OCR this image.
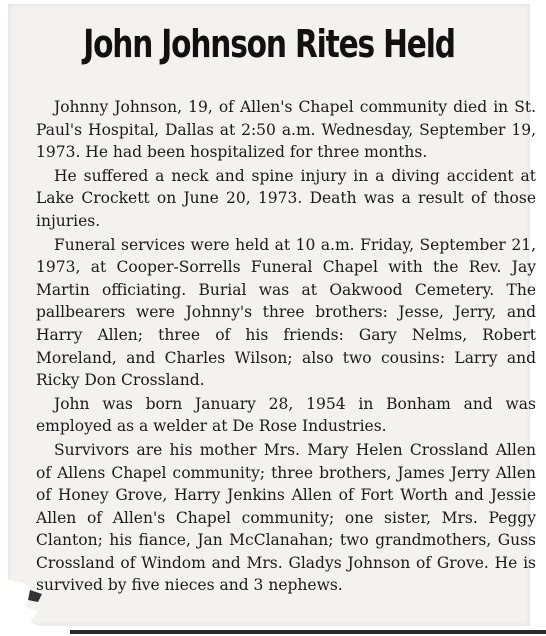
John Johnson Rites Held

Johnny Johnson, 19, of Allen's Chapel community died in St. Paul's Hospital, Dallas at 2:50 a.m. Wednesday, September 19, 1973. He had been hospitalized for three months.

He suffered a neck and spine injury in a diving accident at Lake Crockett on June 20, 1973. Death was a result of those injuries.

Funeral services were held at 10 a.m. Friday, September 21, 1973, at Cooper-Sorrells Funeral Chapel with the Rev. Jay Martin officiating. Burial was at Oakwood Cemetery. The pallbearers were Johnny's three brothers: Jesse, Jerry, and Harry Allen; three of his friends: Gary Nelms, Robert Moreland, and Charles Wilson; also two cousins: Larry and Ricky Don Crossland.

John was born January 28, 1954 in Bonham and was employed as a welder at De Rose Industries.

Survivors are his mother Mrs. Mary Helen Crossland Allen of Allens Chapel community; three brothers, James Jerry Allen of Honey Grove, Harry Jenkins Allen of Fort Worth and Jessie Allen of Allen's Chapel community; one sister, Mrs. Peggy Clanton; his fiance, Jan McClanahan; two grandmothers, Guss Crossland of Windom and Mrs. Gladys Johnson of Grove. He is survived by five nieces and 3 nephews.
